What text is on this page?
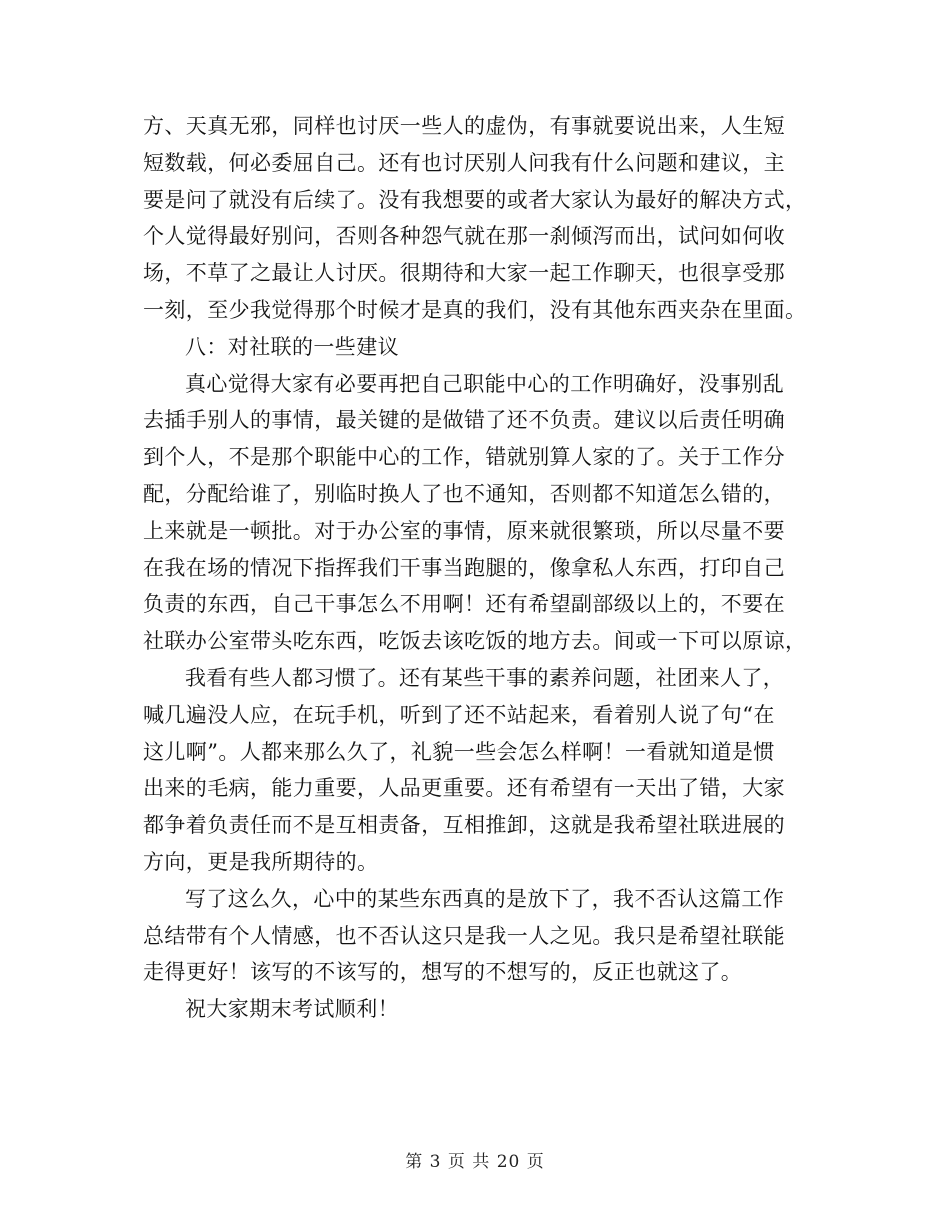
方、天真无邪，同样也讨厌一些人的虚伪，有事就要说出来，人生短
短数载，何必委屈自己。还有也讨厌别人问我有什么问题和建议，主
要是问了就没有后续了。没有我想要的或者大家认为最好的解决方式，
个人觉得最好别问，否则各种怨气就在那一刹倾泻而出，试问如何收
场，不草了之最让人讨厌。很期待和大家一起工作聊天，也很享受那
一刻，至少我觉得那个时候才是真的我们，没有其他东西夹杂在里面。
八：对社联的一些建议
真心觉得大家有必要再把自己职能中心的工作明确好，没事别乱
去插手别人的事情，最关键的是做错了还不负责。建议以后责任明确
到个人，不是那个职能中心的工作，错就别算人家的了。关于工作分
配，分配给谁了，别临时换人了也不通知，否则都不知道怎么错的，
上来就是一顿批。对于办公室的事情，原来就很繁琐，所以尽量不要
在我在场的情况下指挥我们干事当跑腿的，像拿私人东西，打印自己
负责的东西，自己干事怎么不用啊！还有希望副部级以上的，不要在
社联办公室带头吃东西，吃饭去该吃饭的地方去。间或一下可以原谅，
我看有些人都习惯了。还有某些干事的素养问题，社团来人了，
喊几遍没人应，在玩手机，听到了还不站起来，看着别人说了句“在
这儿啊”。人都来那么久了，礼貌一些会怎么样啊！一看就知道是惯
出来的毛病，能力重要，人品更重要。还有希望有一天出了错，大家
都争着负责任而不是互相责备，互相推卸，这就是我希望社联进展的
方向，更是我所期待的。
写了这么久，心中的某些东西真的是放下了，我不否认这篇工作
总结带有个人情感，也不否认这只是我一人之见。我只是希望社联能
走得更好！该写的不该写的，想写的不想写的，反正也就这了。
祝大家期末考试顺利！
第 3 页 共 20 页
